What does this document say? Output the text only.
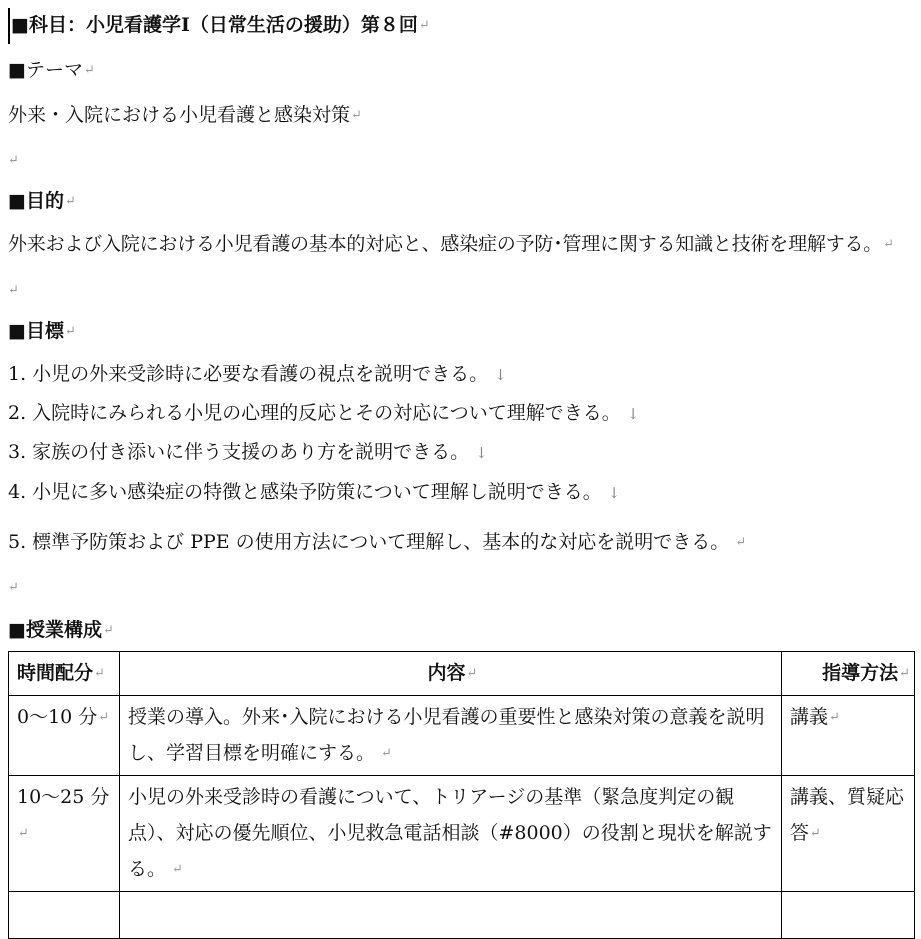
■科目：小児看護学Ⅰ（日常生活の援助）第８回↵
■テーマ↵
外来・入院における小児看護と感染対策↵
↵
■目的↵
外来および入院における小児看護の基本的対応と、感染症の予防･管理に関する知識と技術を理解する。↵
↵
■目標↵
1. 小児の外来受診時に必要な看護の視点を説明できる。 ↓
2. 入院時にみられる小児の心理的反応とその対応について理解できる。 ↓
3. 家族の付き添いに伴う支援のあり方を説明できる。 ↓
4. 小児に多い感染症の特徴と感染予防策について理解し説明できる。 ↓
5. 標準予防策および PPE の使用方法について理解し、基本的な対応を説明できる。 ↵
↵
■授業構成↵
時間配分↵	内容↵	指導方法↵
0～10 分↵	授業の導入。外来･入院における小児看護の重要性と感染対策の意義を説明し、学習目標を明確にする。 ↵	講義↵
10～25 分↵	小児の外来受診時の看護について、トリアージの基準（緊急度判定の観点）、対応の優先順位、小児救急電話相談（#8000）の役割と現状を解説する。 ↵	講義、質疑応答↵
